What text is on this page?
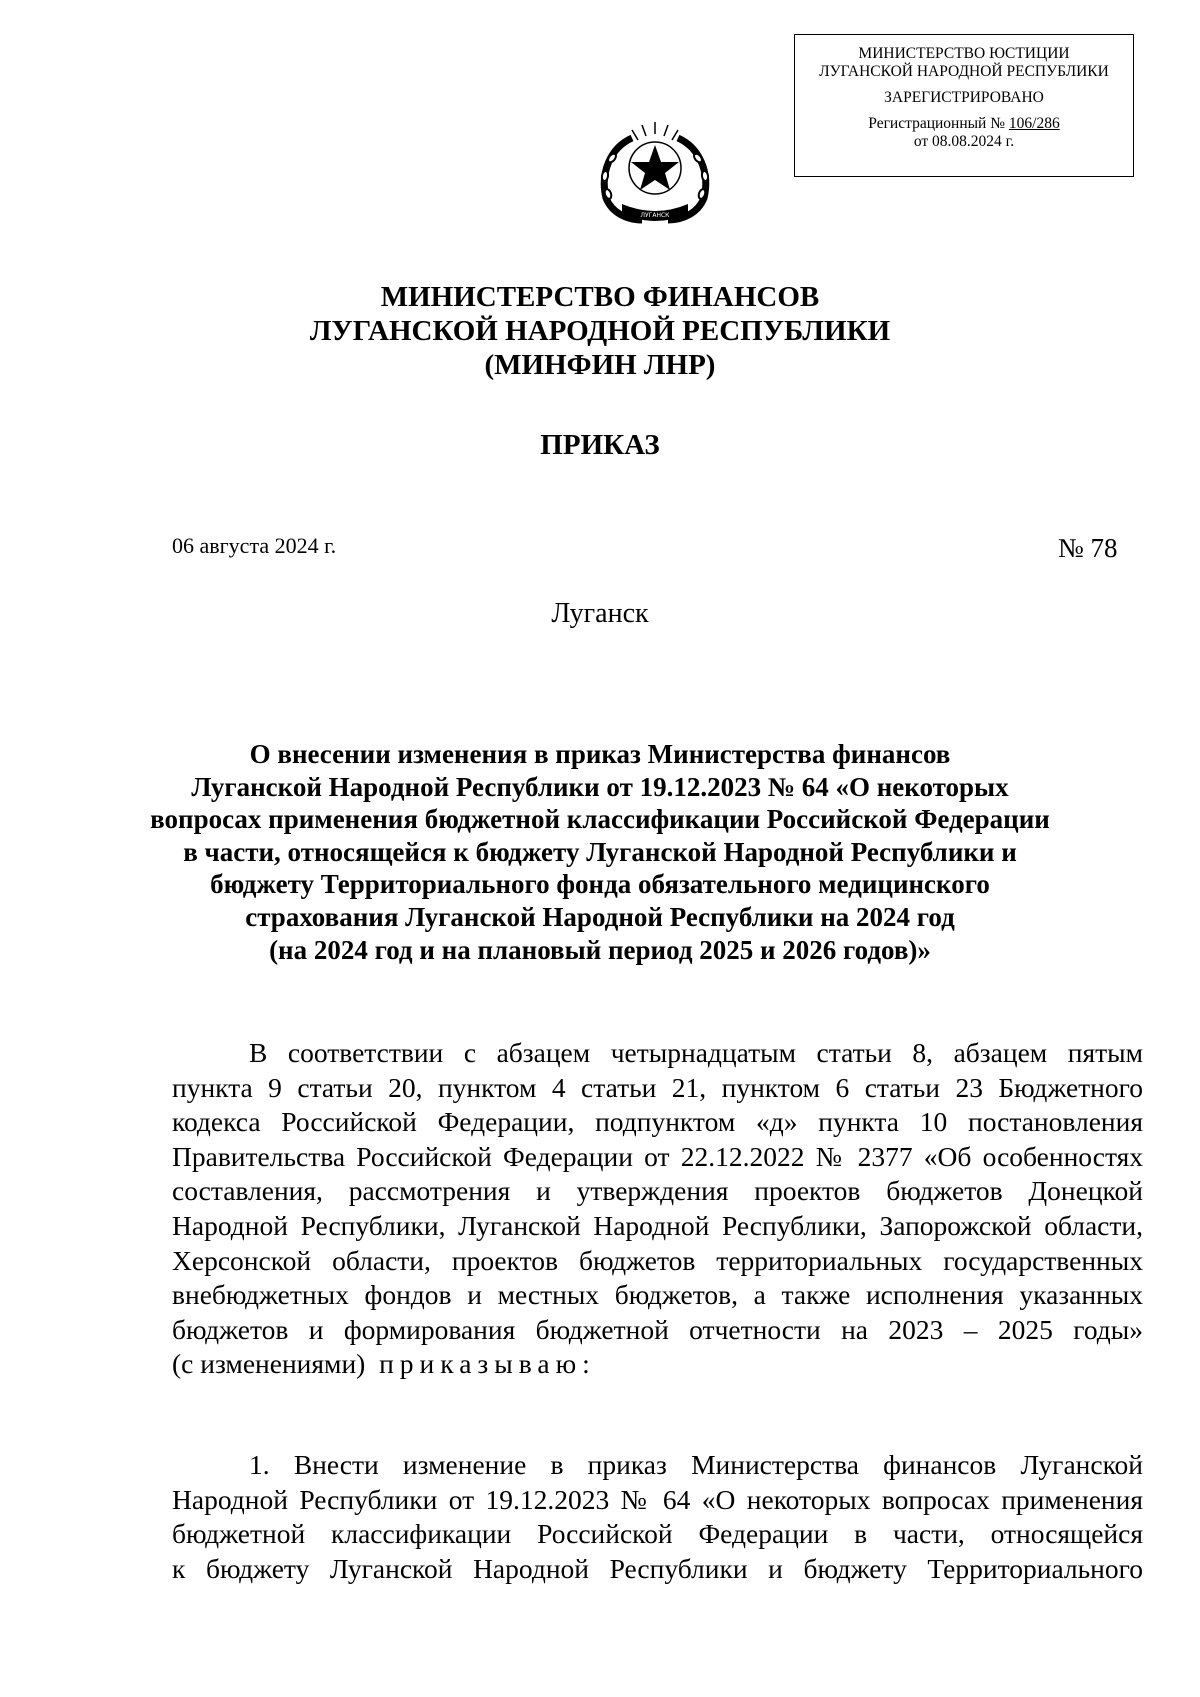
МИНИСТЕРСТВО ЮСТИЦИИ
ЛУГАНСКОЙ НАРОДНОЙ РЕСПУБЛИКИ
ЗАРЕГИСТРИРОВАНО
Регистрационный № 106/286
от 08.08.2024 г.
ЛУГАНСК
МИНИСТЕРСТВО ФИНАНСОВ
ЛУГАНСКОЙ НАРОДНОЙ РЕСПУБЛИКИ
(МИНФИН ЛНР)
ПРИКАЗ
06 августа 2024 г.	№ 78
Луганск
О внесении изменения в приказ Министерства финансов
Луганской Народной Республики от 19.12.2023 № 64 «О некоторых
вопросах применения бюджетной классификации Российской Федерации
в части, относящейся к бюджету Луганской Народной Республики и
бюджету Территориального фонда обязательного медицинского
страхования Луганской Народной Республики на 2024 год
(на 2024 год и на плановый период 2025 и 2026 годов)»
В соответствии с абзацем четырнадцатым статьи 8, абзацем пятым
пункта 9 статьи 20, пунктом 4 статьи 21, пунктом 6 статьи 23 Бюджетного
кодекса Российской Федерации, подпунктом «д» пункта 10 постановления
Правительства Российской Федерации от 22.12.2022 № 2377 «Об особенностях
составления, рассмотрения и утверждения проектов бюджетов Донецкой
Народной Республики, Луганской Народной Республики, Запорожской области,
Херсонской области, проектов бюджетов территориальных государственных
внебюджетных фондов и местных бюджетов, а также исполнения указанных
бюджетов и формирования бюджетной отчетности на 2023 – 2025 годы»
(с изменениями) приказываю:
1. Внести изменение в приказ Министерства финансов Луганской
Народной Республики от 19.12.2023 № 64 «О некоторых вопросах применения
бюджетной классификации Российской Федерации в части, относящейся
к бюджету Луганской Народной Республики и бюджету Территориального
